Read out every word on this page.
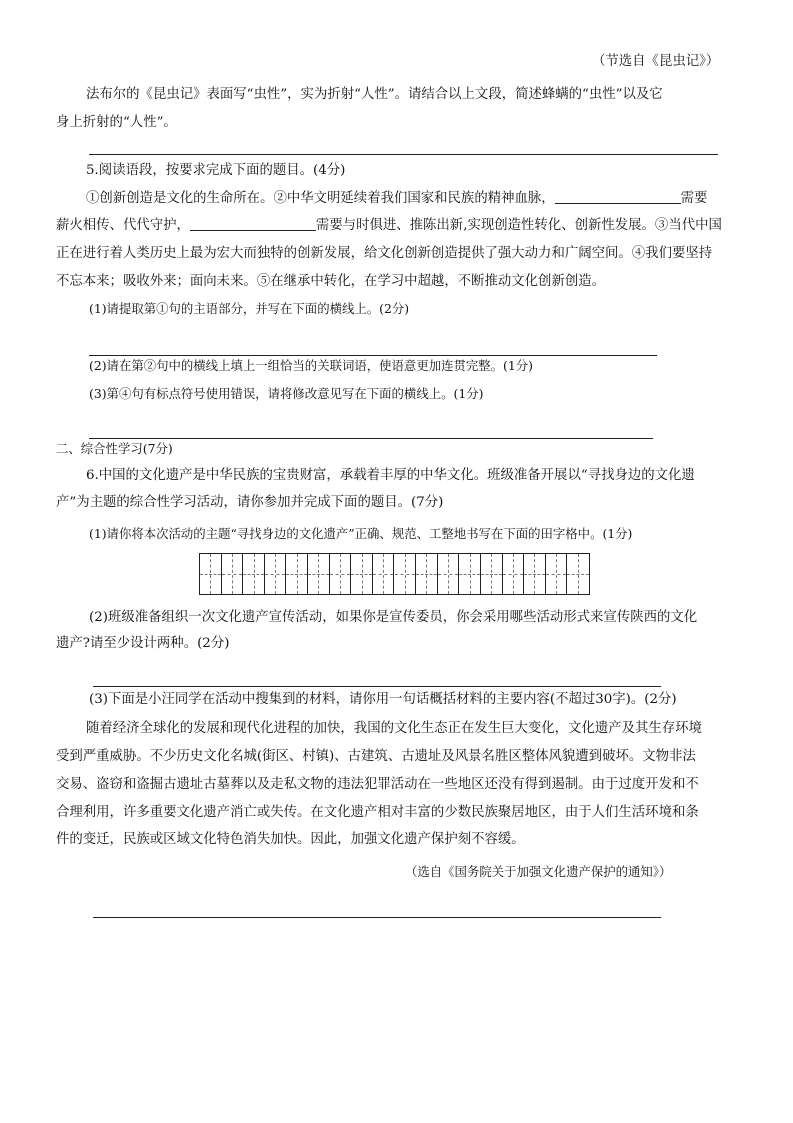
（节选自《昆虫记》）
法布尔的《昆虫记》表面写“虫性”，实为折射“人性”。请结合以上文段，简述蜂螨的“虫性”以及它
身上折射的“人性”。
5.阅读语段，按要求完成下面的题目。(4分)
①创新创造是文化的生命所在。②中华文明延续着我们国家和民族的精神血脉，	需要
薪火相传、代代守护，	需要与时俱进、推陈出新,实现创造性转化、创新性发展。③当代中国
正在进行着人类历史上最为宏大而独特的创新发展，给文化创新创造提供了强大动力和广阔空间。④我们要坚持
不忘本来；吸收外来；面向未来。⑤在继承中转化，在学习中超越，不断推动文化创新创造。
(1)请提取第①句的主语部分，并写在下面的横线上。(2分)
(2)请在第②句中的横线上填上一组恰当的关联词语，使语意更加连贯完整。(1分)
(3)第④句有标点符号使用错误，请将修改意见写在下面的横线上。(1分)
二、综合性学习(7分)
6.中国的文化遗产是中华民族的宝贵财富，承载着丰厚的中华文化。班级准备开展以“寻找身边的文化遗
产”为主题的综合性学习活动，请你参加并完成下面的题目。(7分)
(1)请你将本次活动的主题“寻找身边的文化遗产”正确、规范、工整地书写在下面的田字格中。(1分)
(2)班级准备组织一次文化遗产宣传活动，如果你是宣传委员，你会采用哪些活动形式来宣传陕西的文化
遗产?请至少设计两种。(2分)
(3)下面是小汪同学在活动中搜集到的材料，请你用一句话概括材料的主要内容(不超过30字)。(2分)
随着经济全球化的发展和现代化进程的加快，我国的文化生态正在发生巨大变化，文化遗产及其生存环境
受到严重威胁。不少历史文化名城(街区、村镇)、古建筑、古遗址及风景名胜区整体风貌遭到破坏。文物非法
交易、盗窃和盗掘古遗址古墓葬以及走私文物的违法犯罪活动在一些地区还没有得到遏制。由于过度开发和不
合理利用，许多重要文化遗产消亡或失传。在文化遗产相对丰富的少数民族聚居地区，由于人们生活环境和条
件的变迁，民族或区域文化特色消失加快。因此，加强文化遗产保护刻不容缓。
（选自《国务院关于加强文化遗产保护的通知》）
